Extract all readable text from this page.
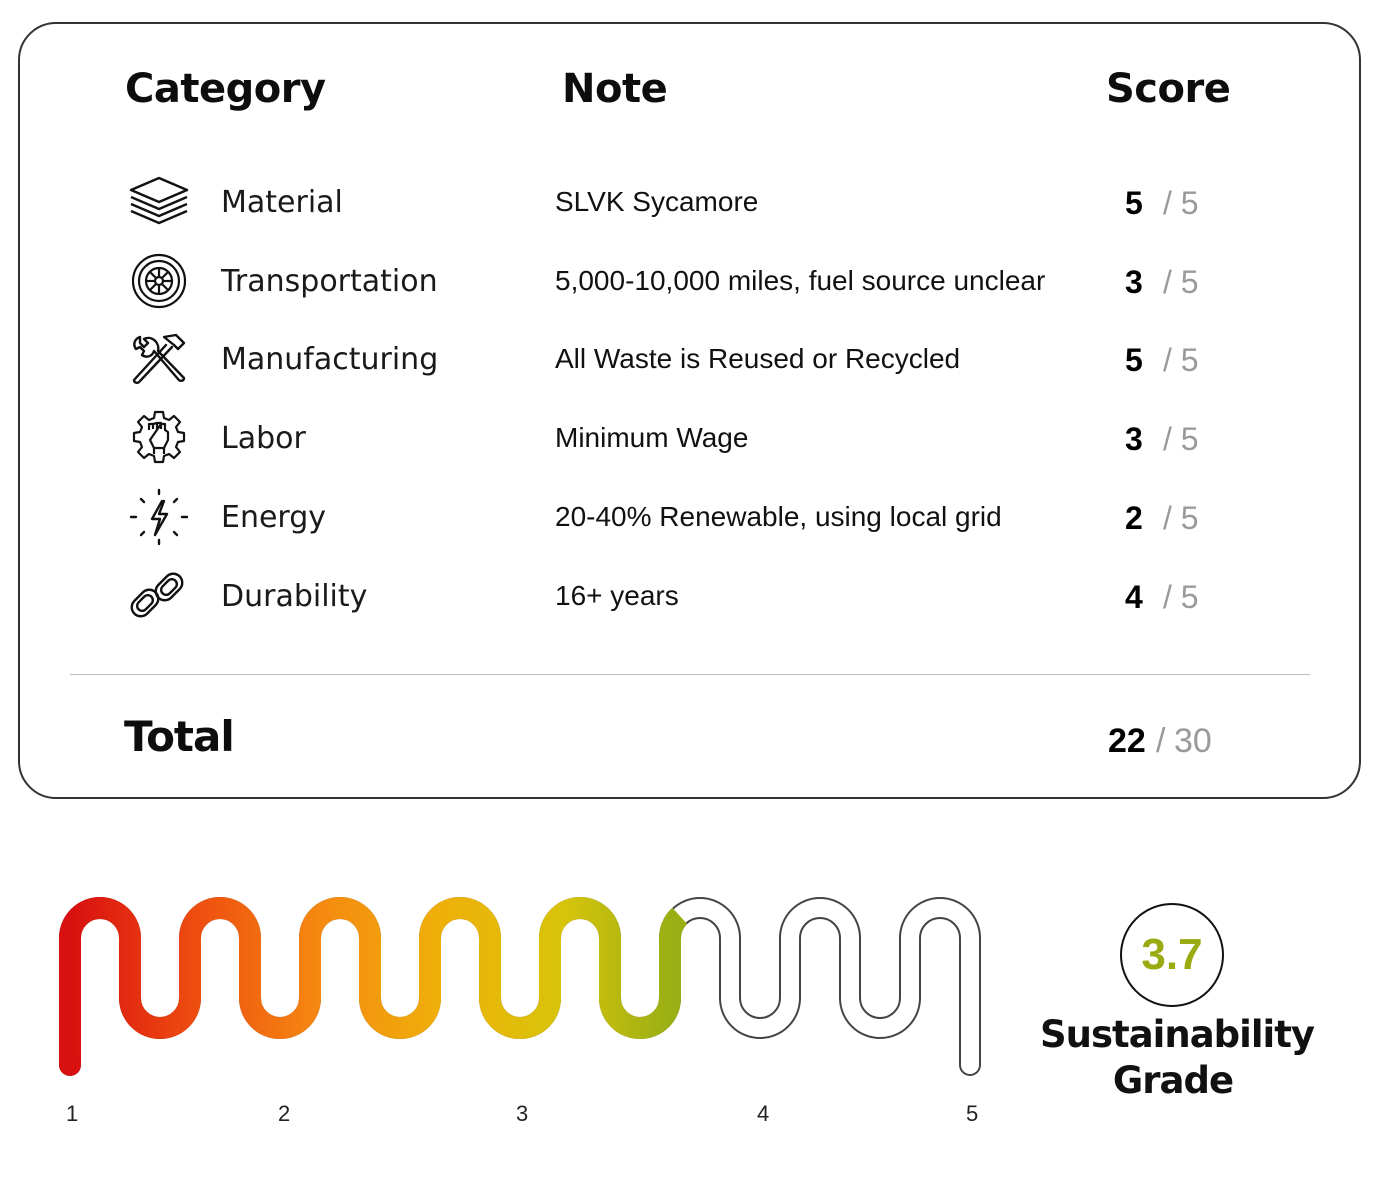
Category	Note	Score
Material	SLVK Sycamore	5 / 5
Transportation	5,000-10,000 miles, fuel source unclear 3 / 5
Manufacturing	All Waste is Reused or Recycled	5 / 5
Labor	Minimum Wage	3 / 5
Energy	20-40% Renewable, using local grid	2 / 5
Durability	16+ years	4 / 5
Total	22 / 30
1	2	3	4	5
3.7
Sustainability
Grade
